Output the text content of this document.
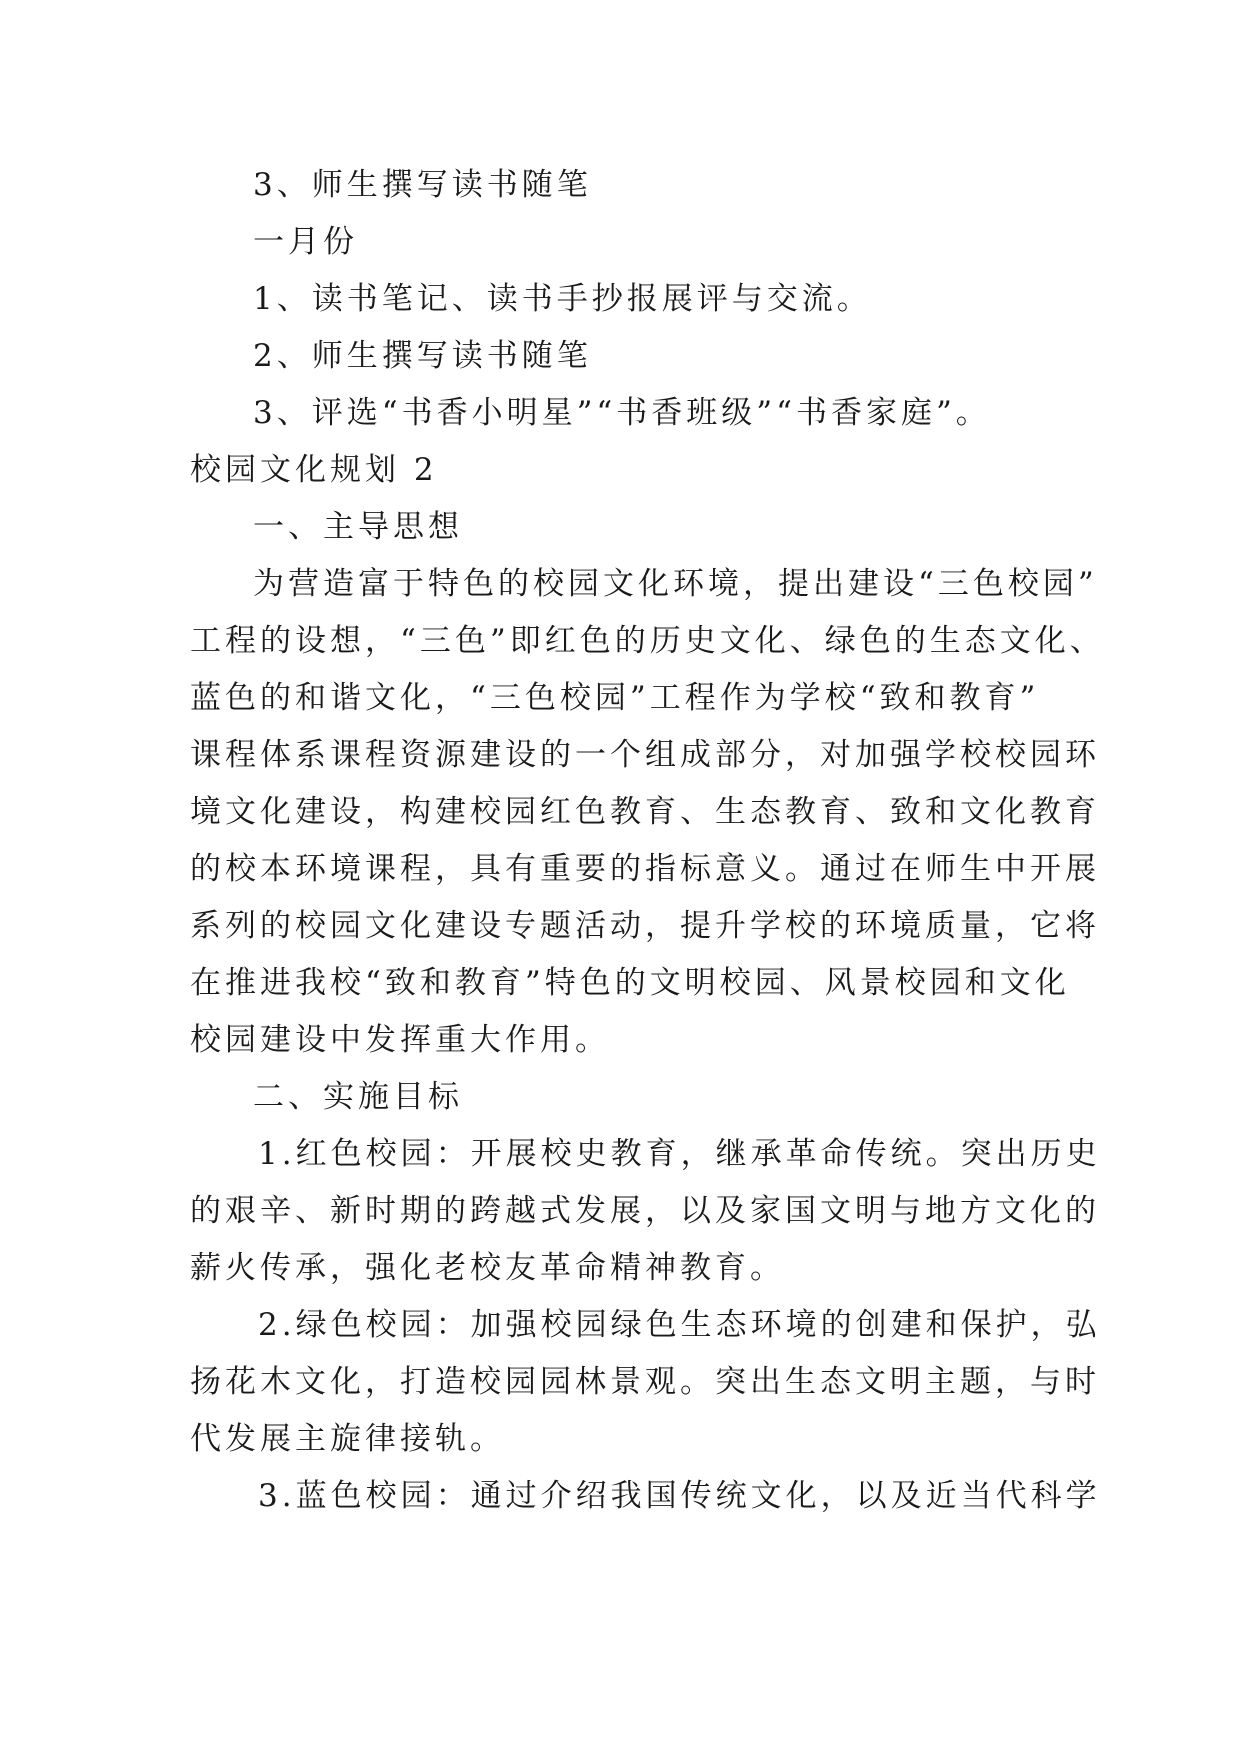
3、师生撰写读书随笔
一月份
1、读书笔记、读书手抄报展评与交流。
2、师生撰写读书随笔
3、评选“书香小明星”“书香班级”“书香家庭”。
校园文化规划 2
一、主导思想
为营造富于特色的校园文化环境，提出建设“三色校园”
工程的设想，“三色”即红色的历史文化、绿色的生态文化、
蓝色的和谐文化，“三色校园”工程作为学校“致和教育”
课程体系课程资源建设的一个组成部分，对加强学校校园环
境文化建设，构建校园红色教育、生态教育、致和文化教育
的校本环境课程，具有重要的指标意义。通过在师生中开展
系列的校园文化建设专题活动，提升学校的环境质量，它将
在推进我校“致和教育”特色的文明校园、风景校园和文化
校园建设中发挥重大作用。
二、实施目标
1.红色校园：开展校史教育，继承革命传统。突出历史
的艰辛、新时期的跨越式发展，以及家国文明与地方文化的
薪火传承，强化老校友革命精神教育。
2.绿色校园：加强校园绿色生态环境的创建和保护，弘
扬花木文化，打造校园园林景观。突出生态文明主题，与时
代发展主旋律接轨。
3.蓝色校园：通过介绍我国传统文化，以及近当代科学
